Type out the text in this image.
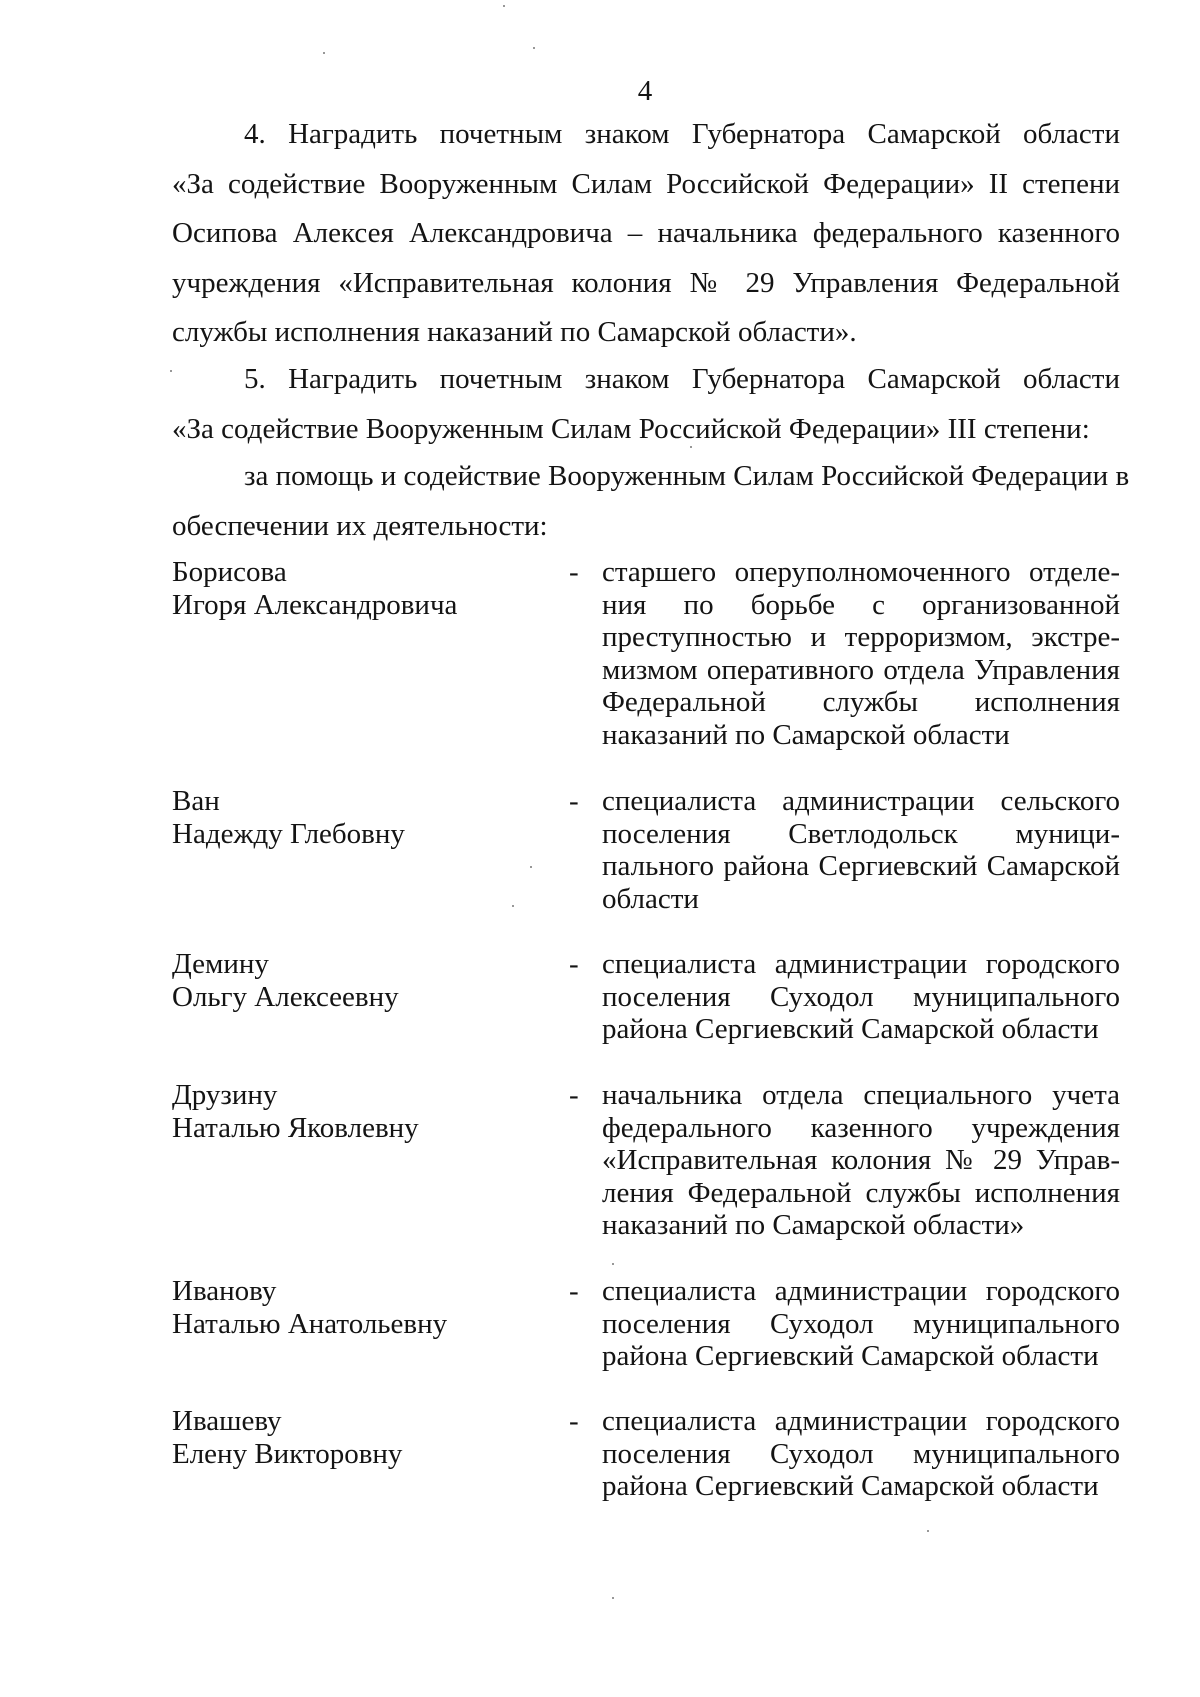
4
4. Наградить почетным знаком Губернатора Самарской области
«За содействие Вооруженным Силам Российской Федерации» II степени
Осипова Алексея Александровича – начальника федерального казенного
учреждения «Исправительная колония № 29 Управления Федеральной
службы исполнения наказаний по Самарской области».
5. Наградить почетным знаком Губернатора Самарской области
«За содействие Вооруженным Силам Российской Федерации» III степени:
за помощь и содействие Вооруженным Силам Российской Федерации в
обеспечении их деятельности:
Борисова
Игоря Александровича
- старшего оперуполномоченного отделе-
ния по борьбе с организованной
преступностью и терроризмом, экстре-
мизмом оперативного отдела Управления
Федеральной службы исполнения
наказаний по Самарской области
Ван
Надежду Глебовну
- специалиста администрации сельского
поселения Светлодольск муници-
пального района Сергиевский Самарской
области
Демину
Ольгу Алексеевну
- специалиста администрации городского
поселения Суходол муниципального
района Сергиевский Самарской области
Друзину
Наталью Яковлевну
- начальника отдела специального учета
федерального казенного учреждения
«Исправительная колония № 29 Управ-
ления Федеральной службы исполнения
наказаний по Самарской области»
Иванову
Наталью Анатольевну
- специалиста администрации городского
поселения Суходол муниципального
района Сергиевский Самарской области
Ивашеву
Елену Викторовну
- специалиста администрации городского
поселения Суходол муниципального
района Сергиевский Самарской области
